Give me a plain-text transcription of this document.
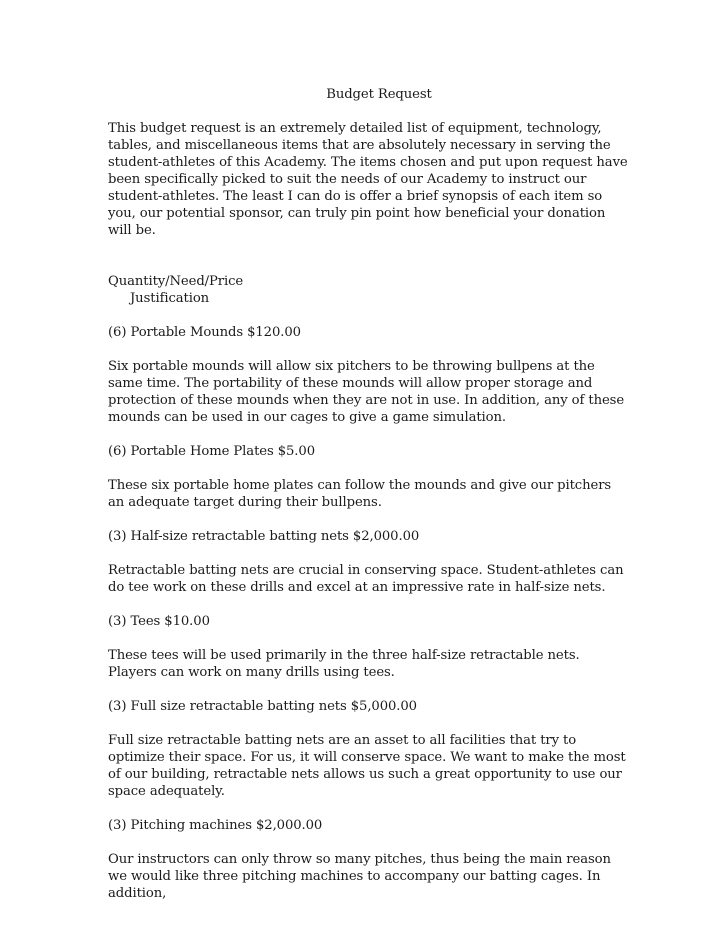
Budget Request

This budget request is an extremely detailed list of equipment, technology, tables, and miscellaneous items that are absolutely necessary in serving the student-athletes of this Academy. The items chosen and put upon request have been specifically picked to suit the needs of our Academy to instruct our student-athletes. The least I can do is offer a brief synopsis of each item so you, our potential sponsor, can truly pin point how beneficial your donation will be.

Quantity/Need/Price
Justification
(6) Portable Mounds $120.00

Six portable mounds will allow six pitchers to be throwing bullpens at the same time. The portability of these mounds will allow proper storage and protection of these mounds when they are not in use. In addition, any of these mounds can be used in our cages to give a game simulation.

(6) Portable Home Plates $5.00

These six portable home plates can follow the mounds and give our pitchers an adequate target during their bullpens.

(3) Half-size retractable batting nets $2,000.00

Retractable batting nets are crucial in conserving space. Student-athletes can do tee work on these drills and excel at an impressive rate in half-size nets.

(3) Tees $10.00

These tees will be used primarily in the three half-size retractable nets. Players can work on many drills using tees.

(3) Full size retractable batting nets $5,000.00

Full size retractable batting nets are an asset to all facilities that try to optimize their space. For us, it will conserve space. We want to make the most of our building, retractable nets allows us such a great opportunity to use our space adequately.

(3) Pitching machines $2,000.00

Our instructors can only throw so many pitches, thus being the main reason we would like three pitching machines to accompany our batting cages. In addition,
